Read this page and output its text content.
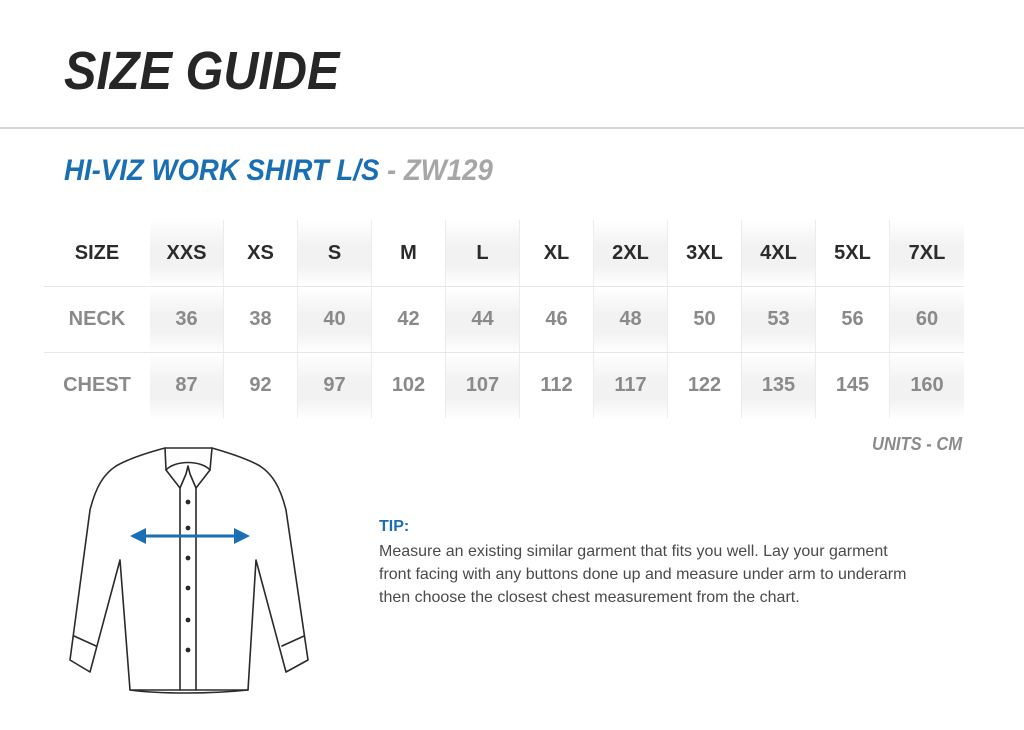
SIZE GUIDE
HI-VIZ WORK SHIRT L/S - ZW129
SIZE	XXS	XS	S	M	L	XL	2XL	3XL	4XL	5XL	7XL
NECK	36	38	40	42	44	46	48	50	53	56	60
CHEST	87	92	97	102	107	112	117	122	135	145	160
UNITS - CM
TIP:

Measure an existing similar garment that fits you well. Lay your garment
front facing with any buttons done up and measure under arm to underarm
then choose the closest chest measurement from the chart.
